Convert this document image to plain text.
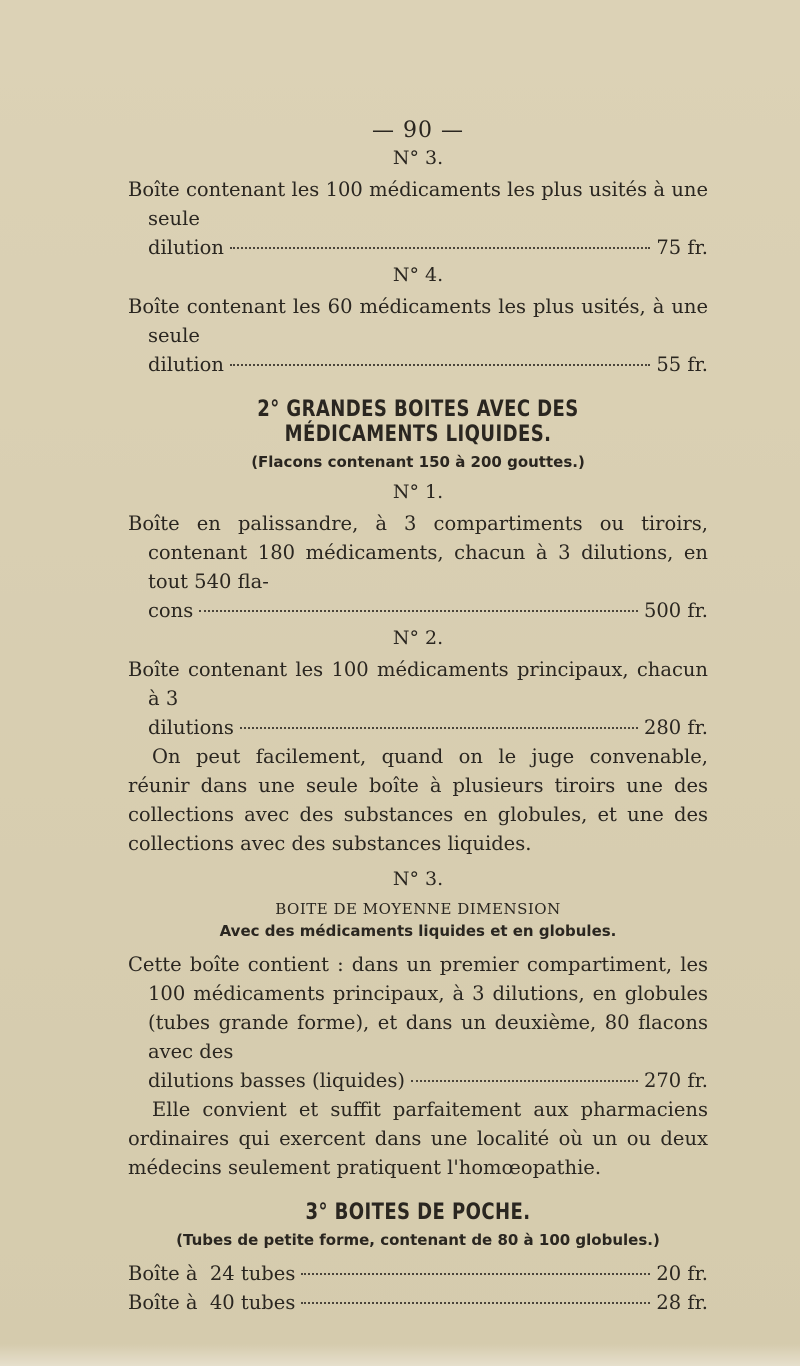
— 90 —
N° 3.

Boîte contenant les 100 médicaments les plus usités à une seule

dilution	75 fr.
N° 4.

Boîte contenant les 60 médicaments les plus usités, à une seule

dilution	55 fr.
2° GRANDES BOITES AVEC DES MÉDICAMENTS LIQUIDES.
(Flacons contenant 150 à 200 gouttes.)
N° 1.

Boîte en palissandre, à 3 compartiments ou tiroirs, contenant 180 médicaments, chacun à 3 dilutions, en tout 540 fla-

cons	500 fr.
N° 2.

Boîte contenant les 100 médicaments principaux, chacun à 3

dilutions	280 fr.

On peut facilement, quand on le juge convenable, réunir dans une seule boîte à plusieurs tiroirs une des collections avec des substances en globules, et une des collections avec des substances liquides.

N° 3.
BOITE DE MOYENNE DIMENSION
Avec des médicaments liquides et en globules.

Cette boîte contient : dans un premier compartiment, les 100 médicaments principaux, à 3 dilutions, en globules (tubes grande forme), et dans un deuxième, 80 flacons avec des

dilutions basses (liquides)	270 fr.

Elle convient et suffit parfaitement aux pharmaciens ordinaires qui exercent dans une localité où un ou deux médecins seulement pratiquent l'homœopathie.

3° BOITES DE POCHE.
(Tubes de petite forme, contenant de 80 à 100 globules.)
Boîte à  24 tubes	20 fr.
Boîte à  40 tubes	28 fr.
